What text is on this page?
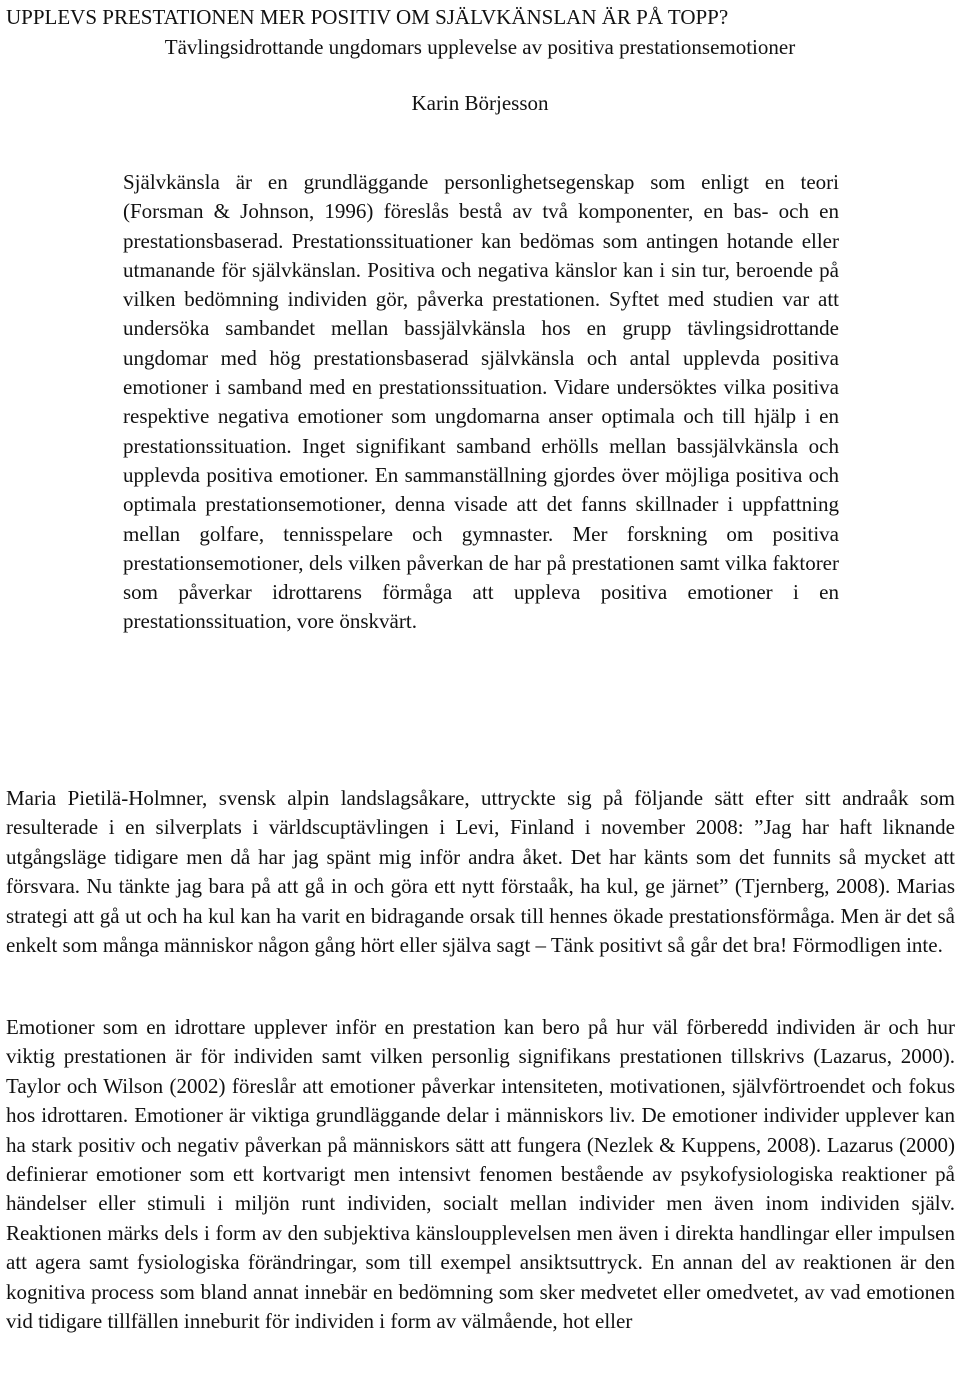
UPPLEVS PRESTATIONEN MER POSITIV OM SJÄLVKÄNSLAN ÄR PÅ TOPP?
Tävlingsidrottande ungdomars upplevelse av positiva prestationsemotioner
Karin Börjesson

Självkänsla är en grundläggande personlighetsegenskap som enligt en teori (Forsman & Johnson, 1996) föreslås bestå av två komponenter, en bas- och en prestationsbaserad. Prestationssituationer kan bedömas som antingen hotande eller utmanande för självkänslan. Positiva och negativa känslor kan i sin tur, beroende på vilken bedömning individen gör, påverka prestationen. Syftet med studien var att undersöka sambandet mellan bassjälvkänsla hos en grupp tävlingsidrottande ungdomar med hög prestationsbaserad självkänsla och antal upplevda positiva emotioner i samband med en prestationssituation. Vidare undersöktes vilka positiva respektive negativa emotioner som ungdomarna anser optimala och till hjälp i en prestationssituation. Inget signifikant samband erhölls mellan bassjälvkänsla och upplevda positiva emotioner. En sammanställning gjordes över möjliga positiva och optimala prestationsemotioner, denna visade att det fanns skillnader i uppfattning mellan golfare, tennisspelare och gymnaster. Mer forskning om positiva prestationsemotioner, dels vilken påverkan de har på prestationen samt vilka faktorer som påverkar idrottarens förmåga att uppleva positiva emotioner i en prestationssituation, vore önskvärt.

Maria Pietilä-Holmner, svensk alpin landslagsåkare, uttryckte sig på följande sätt efter sitt andraåk som resulterade i en silverplats i världscuptävlingen i Levi, Finland i november 2008: ”Jag har haft liknande utgångsläge tidigare men då har jag spänt mig inför andra åket. Det har känts som det funnits så mycket att försvara. Nu tänkte jag bara på att gå in och göra ett nytt förstaåk, ha kul, ge järnet” (Tjernberg, 2008). Marias strategi att gå ut och ha kul kan ha varit en bidragande orsak till hennes ökade prestationsförmåga. Men är det så enkelt som många människor någon gång hört eller själva sagt – Tänk positivt så går det bra! Förmodligen inte.

Emotioner som en idrottare upplever inför en prestation kan bero på hur väl förberedd individen är och hur viktig prestationen är för individen samt vilken personlig signifikans prestationen tillskrivs (Lazarus, 2000). Taylor och Wilson (2002) föreslår att emotioner påverkar intensiteten, motivationen, självförtroendet och fokus hos idrottaren. Emotioner är viktiga grundläggande delar i människors liv. De emotioner individer upplever kan ha stark positiv och negativ påverkan på människors sätt att fungera (Nezlek & Kuppens, 2008). Lazarus (2000) definierar emotioner som ett kortvarigt men intensivt fenomen bestående av psykofysiologiska reaktioner på händelser eller stimuli i miljön runt individen, socialt mellan individer men även inom individen själv. Reaktionen märks dels i form av den subjektiva känsloupplevelsen men även i direkta handlingar eller impulsen att agera samt fysiologiska förändringar, som till exempel ansiktsuttryck. En annan del av reaktionen är den kognitiva process som bland annat innebär en bedömning som sker medvetet eller omedvetet, av vad emotionen vid tidigare tillfällen inneburit för individen i form av välmående, hot eller
